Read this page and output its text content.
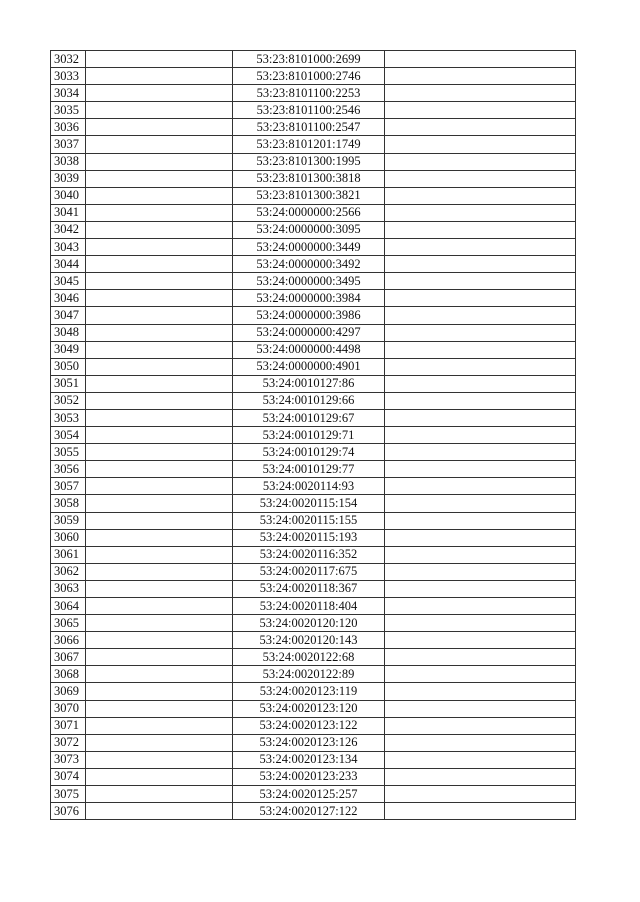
3032		53:23:8101000:2699	
3033		53:23:8101000:2746	
3034		53:23:8101100:2253	
3035		53:23:8101100:2546	
3036		53:23:8101100:2547	
3037		53:23:8101201:1749	
3038		53:23:8101300:1995	
3039		53:23:8101300:3818	
3040		53:23:8101300:3821	
3041		53:24:0000000:2566	
3042		53:24:0000000:3095	
3043		53:24:0000000:3449	
3044		53:24:0000000:3492	
3045		53:24:0000000:3495	
3046		53:24:0000000:3984	
3047		53:24:0000000:3986	
3048		53:24:0000000:4297	
3049		53:24:0000000:4498	
3050		53:24:0000000:4901	
3051		53:24:0010127:86	
3052		53:24:0010129:66	
3053		53:24:0010129:67	
3054		53:24:0010129:71	
3055		53:24:0010129:74	
3056		53:24:0010129:77	
3057		53:24:0020114:93	
3058		53:24:0020115:154	
3059		53:24:0020115:155	
3060		53:24:0020115:193	
3061		53:24:0020116:352	
3062		53:24:0020117:675	
3063		53:24:0020118:367	
3064		53:24:0020118:404	
3065		53:24:0020120:120	
3066		53:24:0020120:143	
3067		53:24:0020122:68	
3068		53:24:0020122:89	
3069		53:24:0020123:119	
3070		53:24:0020123:120	
3071		53:24:0020123:122	
3072		53:24:0020123:126	
3073		53:24:0020123:134	
3074		53:24:0020123:233	
3075		53:24:0020125:257	
3076		53:24:0020127:122	
